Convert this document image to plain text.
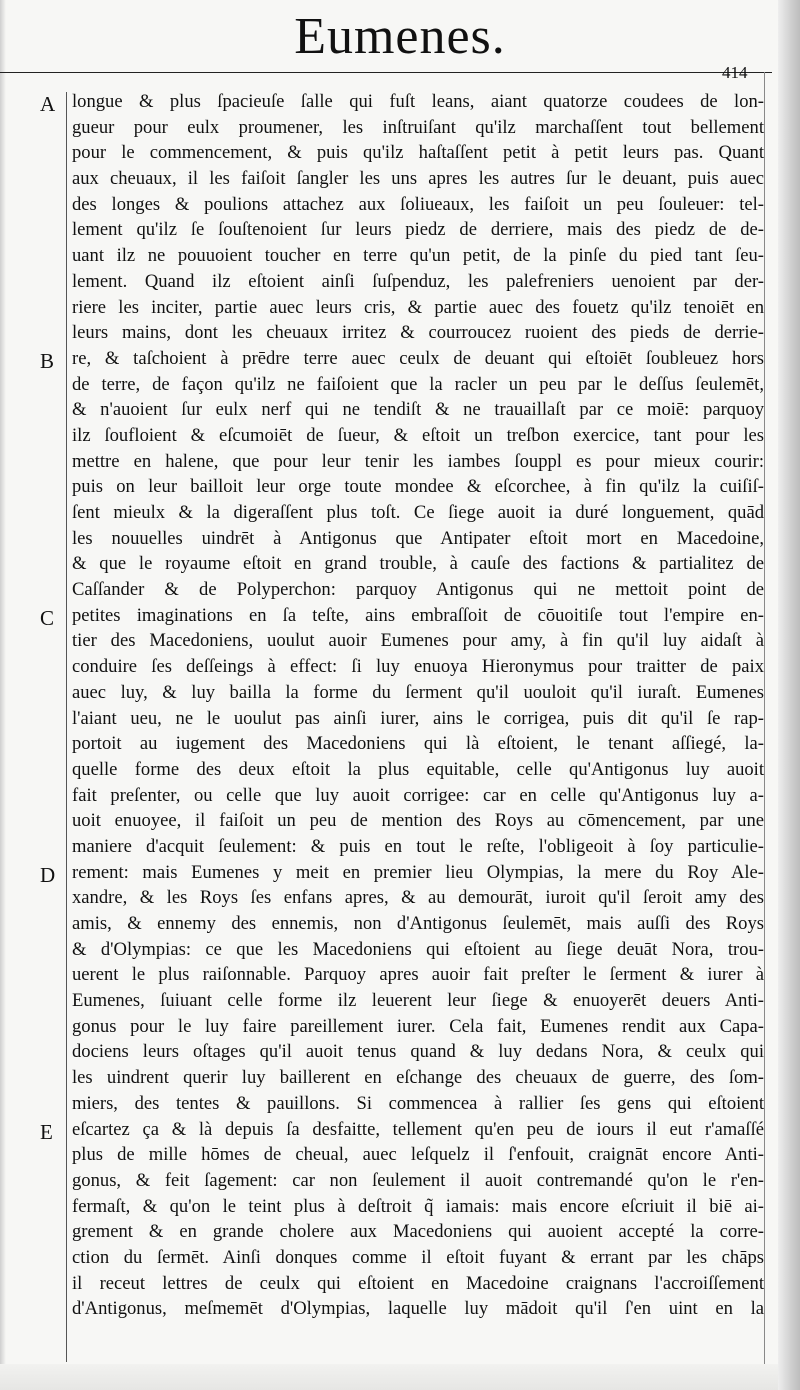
Eumenes.
414
A
B
C
D
E
longue & plus ſpacieuſe ſalle qui fuſt leans, aiant quatorze coudees de lon-
gueur pour eulx proumener, les inſtruiſant qu'ilz marchaſſent tout bellement
pour le commencement, & puis qu'ilz haſtaſſent petit à petit leurs pas. Quant
aux cheuaux, il les faiſoit ſangler les uns apres les autres ſur le deuant, puis auec
des longes & poulions attachez aux ſoliueaux, les faiſoit un peu ſouleuer: tel-
lement qu'ilz ſe ſouſtenoient ſur leurs piedz de derriere, mais des piedz de de-
uant ilz ne pouuoient toucher en terre qu'un petit, de la pinſe du pied tant ſeu-
lement. Quand ilz eſtoient ainſi ſuſpenduz, les palefreniers uenoient par der-
riere les inciter, partie auec leurs cris, & partie auec des fouetz qu'ilz tenoiēt en
leurs mains, dont les cheuaux irritez & courroucez ruoient des pieds de derrie-
re, & taſchoient à prēdre terre auec ceulx de deuant qui eſtoiēt ſoubleuez hors
de terre, de façon qu'ilz ne faiſoient que la racler un peu par le deſſus ſeulemēt,
& n'auoient ſur eulx nerf qui ne tendiſt & ne trauaillaſt par ce moiē: parquoy
ilz ſoufloient & eſcumoiēt de ſueur, & eſtoit un treſbon exercice, tant pour les
mettre en halene, que pour leur tenir les iambes ſouppl es pour mieux courir:
puis on leur bailloit leur orge toute mondee & eſcorchee, à fin qu'ilz la cuiſiſ-
ſent mieulx & la digeraſſent plus toſt. Ce ſiege auoit ia duré longuement, quād
les nouuelles uindrēt à Antigonus que Antipater eſtoit mort en Macedoine,
& que le royaume eſtoit en grand trouble, à cauſe des factions & partialitez de
Caſſander & de Polyperchon: parquoy Antigonus qui ne mettoit point de
petites imaginations en ſa teſte, ains embraſſoit de cōuoitiſe tout l'empire en-
tier des Macedoniens, uoulut auoir Eumenes pour amy, à fin qu'il luy aidaſt à
conduire ſes deſſeings à effect: ſi luy enuoya Hieronymus pour traitter de paix
auec luy, & luy bailla la forme du ſerment qu'il uouloit qu'il iuraſt. Eumenes
l'aiant ueu, ne le uoulut pas ainſi iurer, ains le corrigea, puis dit qu'il ſe rap-
portoit au iugement des Macedoniens qui là eſtoient, le tenant aſſiegé, la-
quelle forme des deux eſtoit la plus equitable, celle qu'Antigonus luy auoit
fait preſenter, ou celle que luy auoit corrigee: car en celle qu'Antigonus luy a-
uoit enuoyee, il faiſoit un peu de mention des Roys au cōmencement, par une
maniere d'acquit ſeulement: & puis en tout le reſte, l'obligeoit à ſoy particulie-
rement: mais Eumenes y meit en premier lieu Olympias, la mere du Roy Ale-
xandre, & les Roys ſes enfans apres, & au demourāt, iuroit qu'il ſeroit amy des
amis, & ennemy des ennemis, non d'Antigonus ſeulemēt, mais auſſi des Roys
& d'Olympias: ce que les Macedoniens qui eſtoient au ſiege deuāt Nora, trou-
uerent le plus raiſonnable. Parquoy apres auoir fait preſter le ſerment & iurer à
Eumenes, ſuiuant celle forme ilz leuerent leur ſiege & enuoyerēt deuers Anti-
gonus pour le luy faire pareillement iurer. Cela fait, Eumenes rendit aux Capa-
dociens leurs oſtages qu'il auoit tenus quand & luy dedans Nora, & ceulx qui
les uindrent querir luy baillerent en eſchange des cheuaux de guerre, des ſom-
miers, des tentes & pauillons. Si commencea à rallier ſes gens qui eſtoient
eſcartez ça & là depuis ſa desfaitte, tellement qu'en peu de iours il eut r'amaſſé
plus de mille hōmes de cheual, auec leſquelz il ſ'enfouit, craignāt encore Anti-
gonus, & feit ſagement: car non ſeulement il auoit contremandé qu'on le r'en-
fermaſt, & qu'on le teint plus à deſtroit q̃ iamais: mais encore eſcriuit il biē ai-
grement & en grande cholere aux Macedoniens qui auoient accepté la corre-
ction du ſermēt. Ainſi donques comme il eſtoit fuyant & errant par les chāps
il receut lettres de ceulx qui eſtoient en Macedoine craignans l'accroiſſement
d'Antigonus, meſmemēt d'Olympias, laquelle luy mādoit qu'il ſ'en uint en la
